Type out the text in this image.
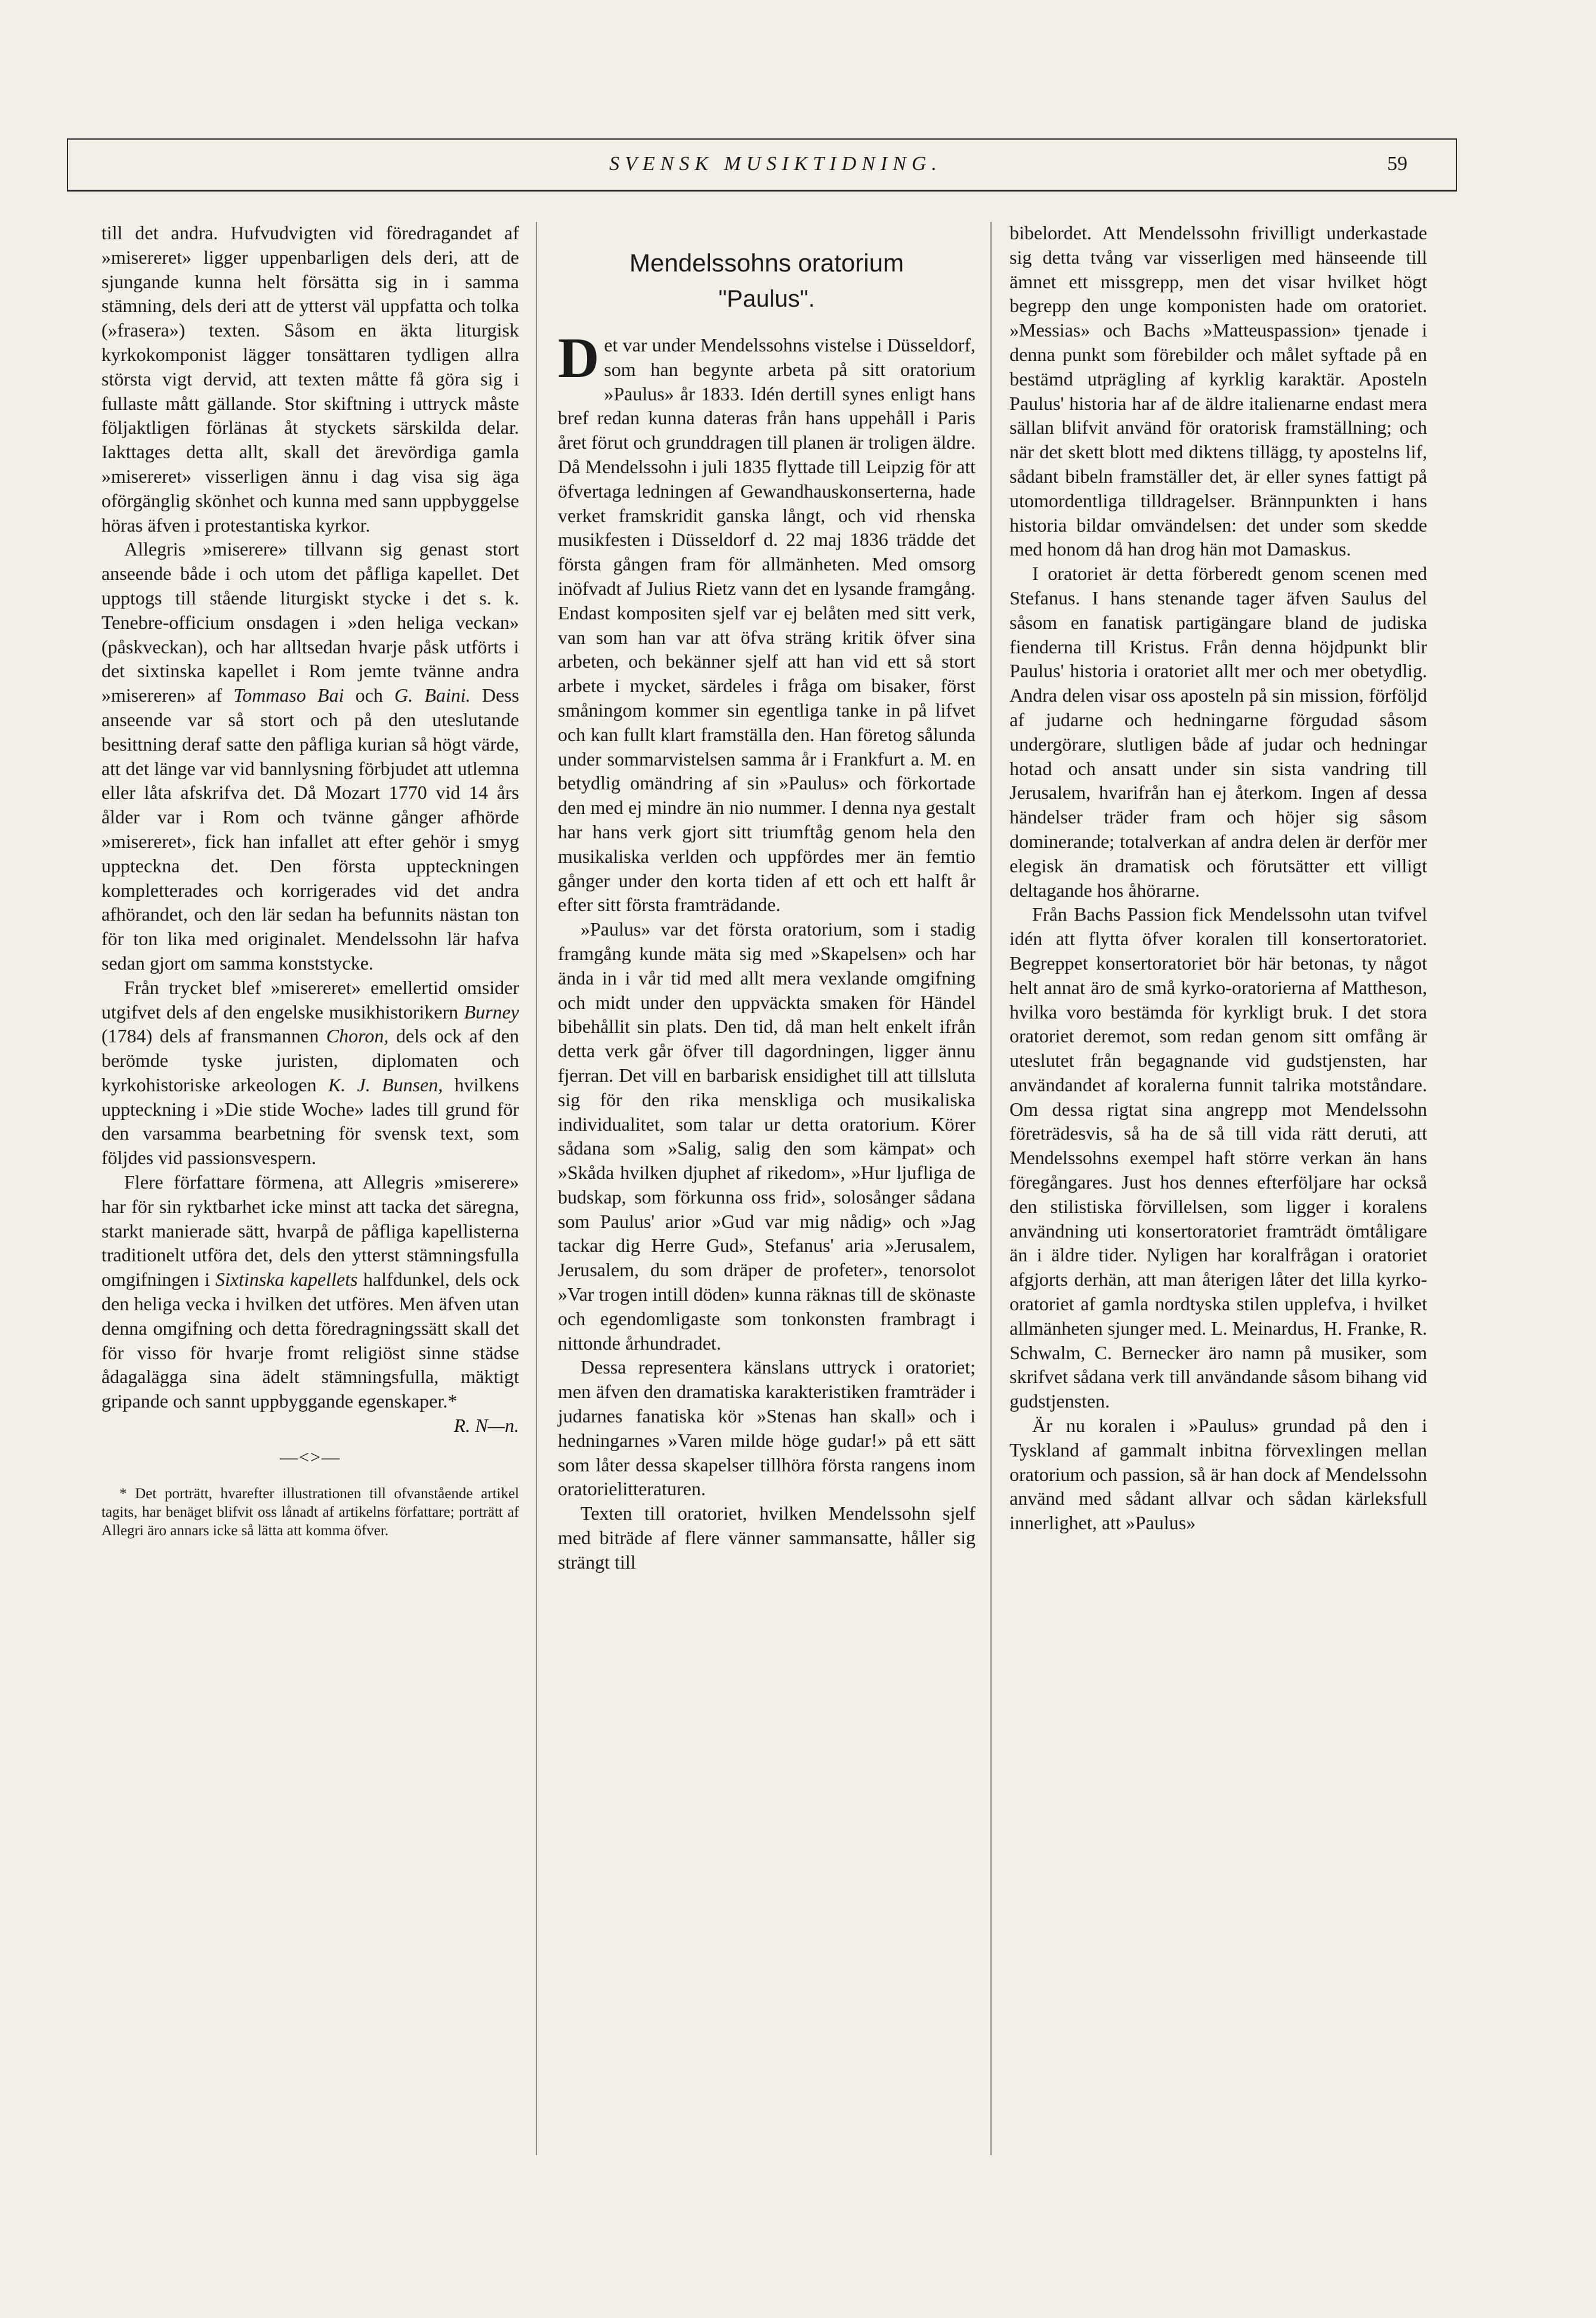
SVENSK MUSIKTIDNING.	59

till det andra. Hufvudvigten vid föredragandet af »misereret» ligger uppenbarligen dels deri, att de sjungande kunna helt försätta sig in i samma stämning, dels deri att de ytterst väl uppfatta och tolka (»frasera») texten. Såsom en äkta liturgisk kyrkokomponist lägger tonsättaren tydligen allra största vigt dervid, att texten måtte få göra sig i fullaste mått gällande. Stor skiftning i uttryck måste följaktligen förlänas åt styckets särskilda delar. Iakttages detta allt, skall det ärevördiga gamla »misereret» visserligen ännu i dag visa sig äga oförgänglig skönhet och kunna med sann uppbyggelse höras äfven i protestantiska kyrkor.

Allegris »miserere» tillvann sig genast stort anseende både i och utom det påfliga kapellet. Det upptogs till stående liturgiskt stycke i det s. k. Tenebre-officium onsdagen i »den heliga veckan» (påskveckan), och har alltsedan hvarje påsk utförts i det sixtinska kapellet i Rom jemte tvänne andra »misereren» af Tommaso Bai och G. Baini. Dess anseende var så stort och på den uteslutande besittning deraf satte den påfliga kurian så högt värde, att det länge var vid bannlysning förbjudet att utlemna eller låta afskrifva det. Då Mozart 1770 vid 14 års ålder var i Rom och tvänne gånger afhörde »misereret», fick han infallet att efter gehör i smyg uppteckna det. Den första uppteckningen kompletterades och korrigerades vid det andra afhörandet, och den lär sedan ha befunnits nästan ton för ton lika med originalet. Mendelssohn lär hafva sedan gjort om samma konststycke.

Från trycket blef »misereret» emellertid omsider utgifvet dels af den engelske musikhistorikern Burney (1784) dels af fransmannen Choron, dels ock af den berömde tyske juristen, diplomaten och kyrkohistoriske arkeologen K. J. Bunsen, hvilkens uppteckning i »Die stide Woche» lades till grund för den varsamma bearbetning för svensk text, som följdes vid passionsvespern.

Flere författare förmena, att Allegris »miserere» har för sin ryktbarhet icke minst att tacka det säregna, starkt manierade sätt, hvarpå de påfliga kapellisterna traditionelt utföra det, dels den ytterst stämningsfulla omgifningen i Sixtinska kapellets halfdunkel, dels ock den heliga vecka i hvilken det utföres. Men äfven utan denna omgifning och detta föredragningssätt skall det för visso för hvarje fromt religiöst sinne städse ådagalägga sina ädelt stämningsfulla, mäktigt gripande och sannt uppbyggande egenskaper.*

R. N—n.

—<>—

* Det porträtt, hvarefter illustrationen till ofvanstående artikel tagits, har benäget blifvit oss lånadt af artikelns författare; porträtt af Allegri äro annars icke så lätta att komma öfver.

Mendelssohns oratorium
"Paulus".

Det var under Mendelssohns vistelse i Düsseldorf, som han begynte arbeta på sitt oratorium »Paulus» år 1833. Idén dertill synes enligt hans bref redan kunna dateras från hans uppehåll i Paris året förut och grunddragen till planen är troligen äldre. Då Mendelssohn i juli 1835 flyttade till Leipzig för att öfvertaga ledningen af Gewandhauskonserterna, hade verket framskridit ganska långt, och vid rhenska musikfesten i Düsseldorf d. 22 maj 1836 trädde det första gången fram för allmänheten. Med omsorg inöfvadt af Julius Rietz vann det en lysande framgång. Endast kompositen sjelf var ej belåten med sitt verk, van som han var att öfva sträng kritik öfver sina arbeten, och bekänner sjelf att han vid ett så stort arbete i mycket, särdeles i fråga om bisaker, först småningom kommer sin egentliga tanke in på lifvet och kan fullt klart framställa den. Han företog sålunda under sommarvistelsen samma år i Frankfurt a. M. en betydlig omändring af sin »Paulus» och förkortade den med ej mindre än nio nummer. I denna nya gestalt har hans verk gjort sitt triumftåg genom hela den musikaliska verlden och uppfördes mer än femtio gånger under den korta tiden af ett och ett halft år efter sitt första framträdande.

»Paulus» var det första oratorium, som i stadig framgång kunde mäta sig med »Skapelsen» och har ända in i vår tid med allt mera vexlande omgifning och midt under den uppväckta smaken för Händel bibehållit sin plats. Den tid, då man helt enkelt ifrån detta verk går öfver till dagordningen, ligger ännu fjerran. Det vill en barbarisk ensidighet till att tillsluta sig för den rika menskliga och musikaliska individualitet, som talar ur detta oratorium. Körer sådana som »Salig, salig den som kämpat» och »Skåda hvilken djuphet af rikedom», »Hur ljufliga de budskap, som förkunna oss frid», solosånger sådana som Paulus' arior »Gud var mig nådig» och »Jag tackar dig Herre Gud», Stefanus' aria »Jerusalem, Jerusalem, du som dräper de profeter», tenorsolot »Var trogen intill döden» kunna räknas till de skönaste och egendomligaste som tonkonsten frambragt i nittonde århundradet.

Dessa representera känslans uttryck i oratoriet; men äfven den dramatiska karakteristiken framträder i judarnes fanatiska kör »Stenas han skall» och i hedningarnes »Varen milde höge gudar!» på ett sätt som låter dessa skapelser tillhöra första rangens inom oratorielitteraturen.

Texten till oratoriet, hvilken Mendelssohn sjelf med biträde af flere vänner sammansatte, håller sig strängt till

bibelordet. Att Mendelssohn frivilligt underkastade sig detta tvång var visserligen med hänseende till ämnet ett missgrepp, men det visar hvilket högt begrepp den unge komponisten hade om oratoriet. »Messias» och Bachs »Matteuspassion» tjenade i denna punkt som förebilder och målet syftade på en bestämd utprägling af kyrklig karaktär. Aposteln Paulus' historia har af de äldre italienarne endast mera sällan blifvit använd för oratorisk framställning; och när det skett blott med diktens tillägg, ty apostelns lif, sådant bibeln framställer det, är eller synes fattigt på utomordentliga tilldragelser. Brännpunkten i hans historia bildar omvändelsen: det under som skedde med honom då han drog hän mot Damaskus.

I oratoriet är detta förberedt genom scenen med Stefanus. I hans stenande tager äfven Saulus del såsom en fanatisk partigängare bland de judiska fienderna till Kristus. Från denna höjdpunkt blir Paulus' historia i oratoriet allt mer och mer obetydlig. Andra delen visar oss aposteln på sin mission, förföljd af judarne och hedningarne förgudad såsom undergörare, slutligen både af judar och hedningar hotad och ansatt under sin sista vandring till Jerusalem, hvarifrån han ej återkom. Ingen af dessa händelser träder fram och höjer sig såsom dominerande; totalverkan af andra delen är derför mer elegisk än dramatisk och förutsätter ett villigt deltagande hos åhörarne.

Från Bachs Passion fick Mendelssohn utan tvifvel idén att flytta öfver koralen till konsertoratoriet. Begreppet konsertoratoriet bör här betonas, ty något helt annat äro de små kyrko-oratorierna af Mattheson, hvilka voro bestämda för kyrkligt bruk. I det stora oratoriet deremot, som redan genom sitt omfång är uteslutet från begagnande vid gudstjensten, har användandet af koralerna funnit talrika motståndare. Om dessa rigtat sina angrepp mot Mendelssohn företrädesvis, så ha de så till vida rätt deruti, att Mendelssohns exempel haft större verkan än hans föregångares. Just hos dennes efterföljare har också den stilistiska förvillelsen, som ligger i koralens användning uti konsertoratoriet framträdt ömtåligare än i äldre tider. Nyligen har koralfrågan i oratoriet afgjorts derhän, att man återigen låter det lilla kyrko-oratoriet af gamla nordtyska stilen upplefva, i hvilket allmänheten sjunger med. L. Meinardus, H. Franke, R. Schwalm, C. Bernecker äro namn på musiker, som skrifvet sådana verk till användande såsom bihang vid gudstjensten.

Är nu koralen i »Paulus» grundad på den i Tyskland af gammalt inbitna förvexlingen mellan oratorium och passion, så är han dock af Mendelssohn använd med sådant allvar och sådan kärleksfull innerlighet, att »Paulus»
